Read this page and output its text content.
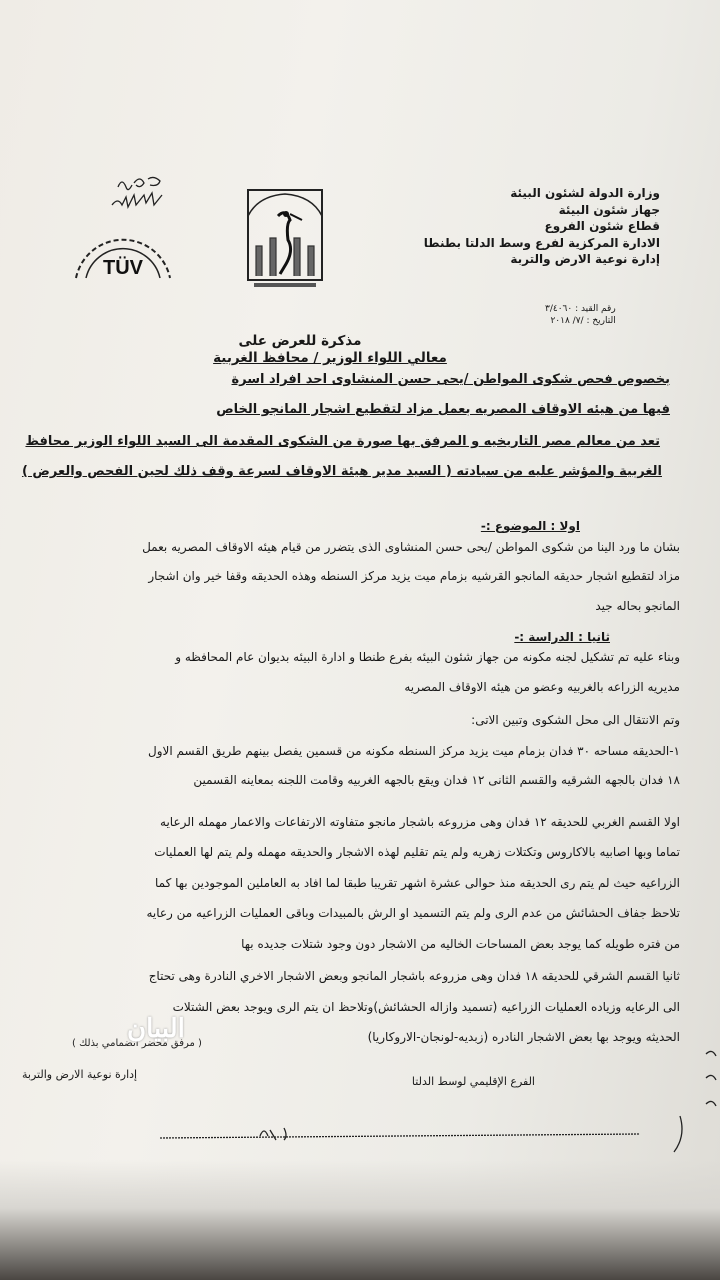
TÜV
وزارة الدولة لشئون البيئة
جهاز شئون البيئة
قطاع شئون الفروع
الادارة المركزية لفرع وسط الدلتا بطنطا
إدارة نوعية الارض والتربة
رقم القيد : ٣/٤٠٦٠
التاريخ : /٧/ ٢٠١٨
مذكرة للعرض على
معالي اللواء الوزير / محافظ الغربية
بخصوص فحص شكوى المواطن /يحى حسن المنشاوى احد افراد اسرة
فيها من هيئه الاوقاف المصريه بعمل مزاد لتقطيع اشجار المانجو الخاص
تعد من معالم مصر التاريخيه و المرفق بها صورة من الشكوى المقدمة الى السيد اللواء الوزير محافظ
الغربية والمؤشر عليه من سيادته ( السيد مدير هيئة الاوقاف لسرعة وقف ذلك لحين الفحص والعرض )
اولا : الموضوع :-
بشان ما ورد الينا من شكوى المواطن /يحى حسن المنشاوى الذى يتضرر من قيام هيئه الاوقاف المصريه بعمل
مزاد لتقطيع اشجار حديقه المانجو القرشيه بزمام ميت يزيد مركز السنطه وهذه الحديقه وقفا خير وان اشجار
المانجو بحاله جيد
ثانيا : الدراسة :-
وبناء عليه تم تشكيل لجنه مكونه من جهاز شئون البيئه بفرع طنطا و ادارة البيئه بديوان عام المحافظه و
مديريه الزراعه بالغربيه وعضو من هيئه الاوقاف المصريه
وتم الانتقال الى محل الشكوى وتبين الاتى:
١-الحديقه مساحه ٣٠ فدان بزمام ميت يزيد مركز السنطه مكونه من قسمين يفصل بينهم طريق القسم الاول
١٨ فدان بالجهه الشرقيه والقسم الثانى ١٢ فدان ويقع بالجهه الغربيه وقامت اللجنه بمعاينه القسمين
اولا القسم الغربي للحديقه ١٢ فدان وهى مزروعه باشجار مانجو متفاوته الارتفاعات والاعمار مهمله الرعايه
تماما وبها اصابيه بالاكاروس وتكتلات زهريه ولم يتم تقليم لهذه الاشجار والحديقه مهمله ولم يتم لها العمليات
الزراعيه حيث لم يتم رى الحديقه منذ حوالى عشرة اشهر تقريبا طبقا لما افاد به العاملين الموجودين بها كما
تلاحظ جفاف الحشائش من عدم الرى ولم يتم التسميد او الرش بالمبيدات وباقى العمليات الزراعيه من رعايه
من فتره طويله كما يوجد بعض المساحات الخاليه من الاشجار دون وجود شتلات جديده بها
ثانيا القسم الشرقي للحديقه ١٨ فدان وهى مزروعه باشجار المانجو وبعض الاشجار الاخري النادرة وهى تحتاج
الى الرعايه وزياده العمليات الزراعيه (تسميد وازاله الحشائش)وتلاحظ ان يتم الرى ويوجد بعض الشتلات
الحديثه ويوجد بها بعض الاشجار النادره (زبديه-لونجان-الاروكاريا)
( مرفق محضر انضمامي بذلك )
الفرع الإقليمي لوسط الدلتا
إدارة نوعية الارض والتربة
البيان
